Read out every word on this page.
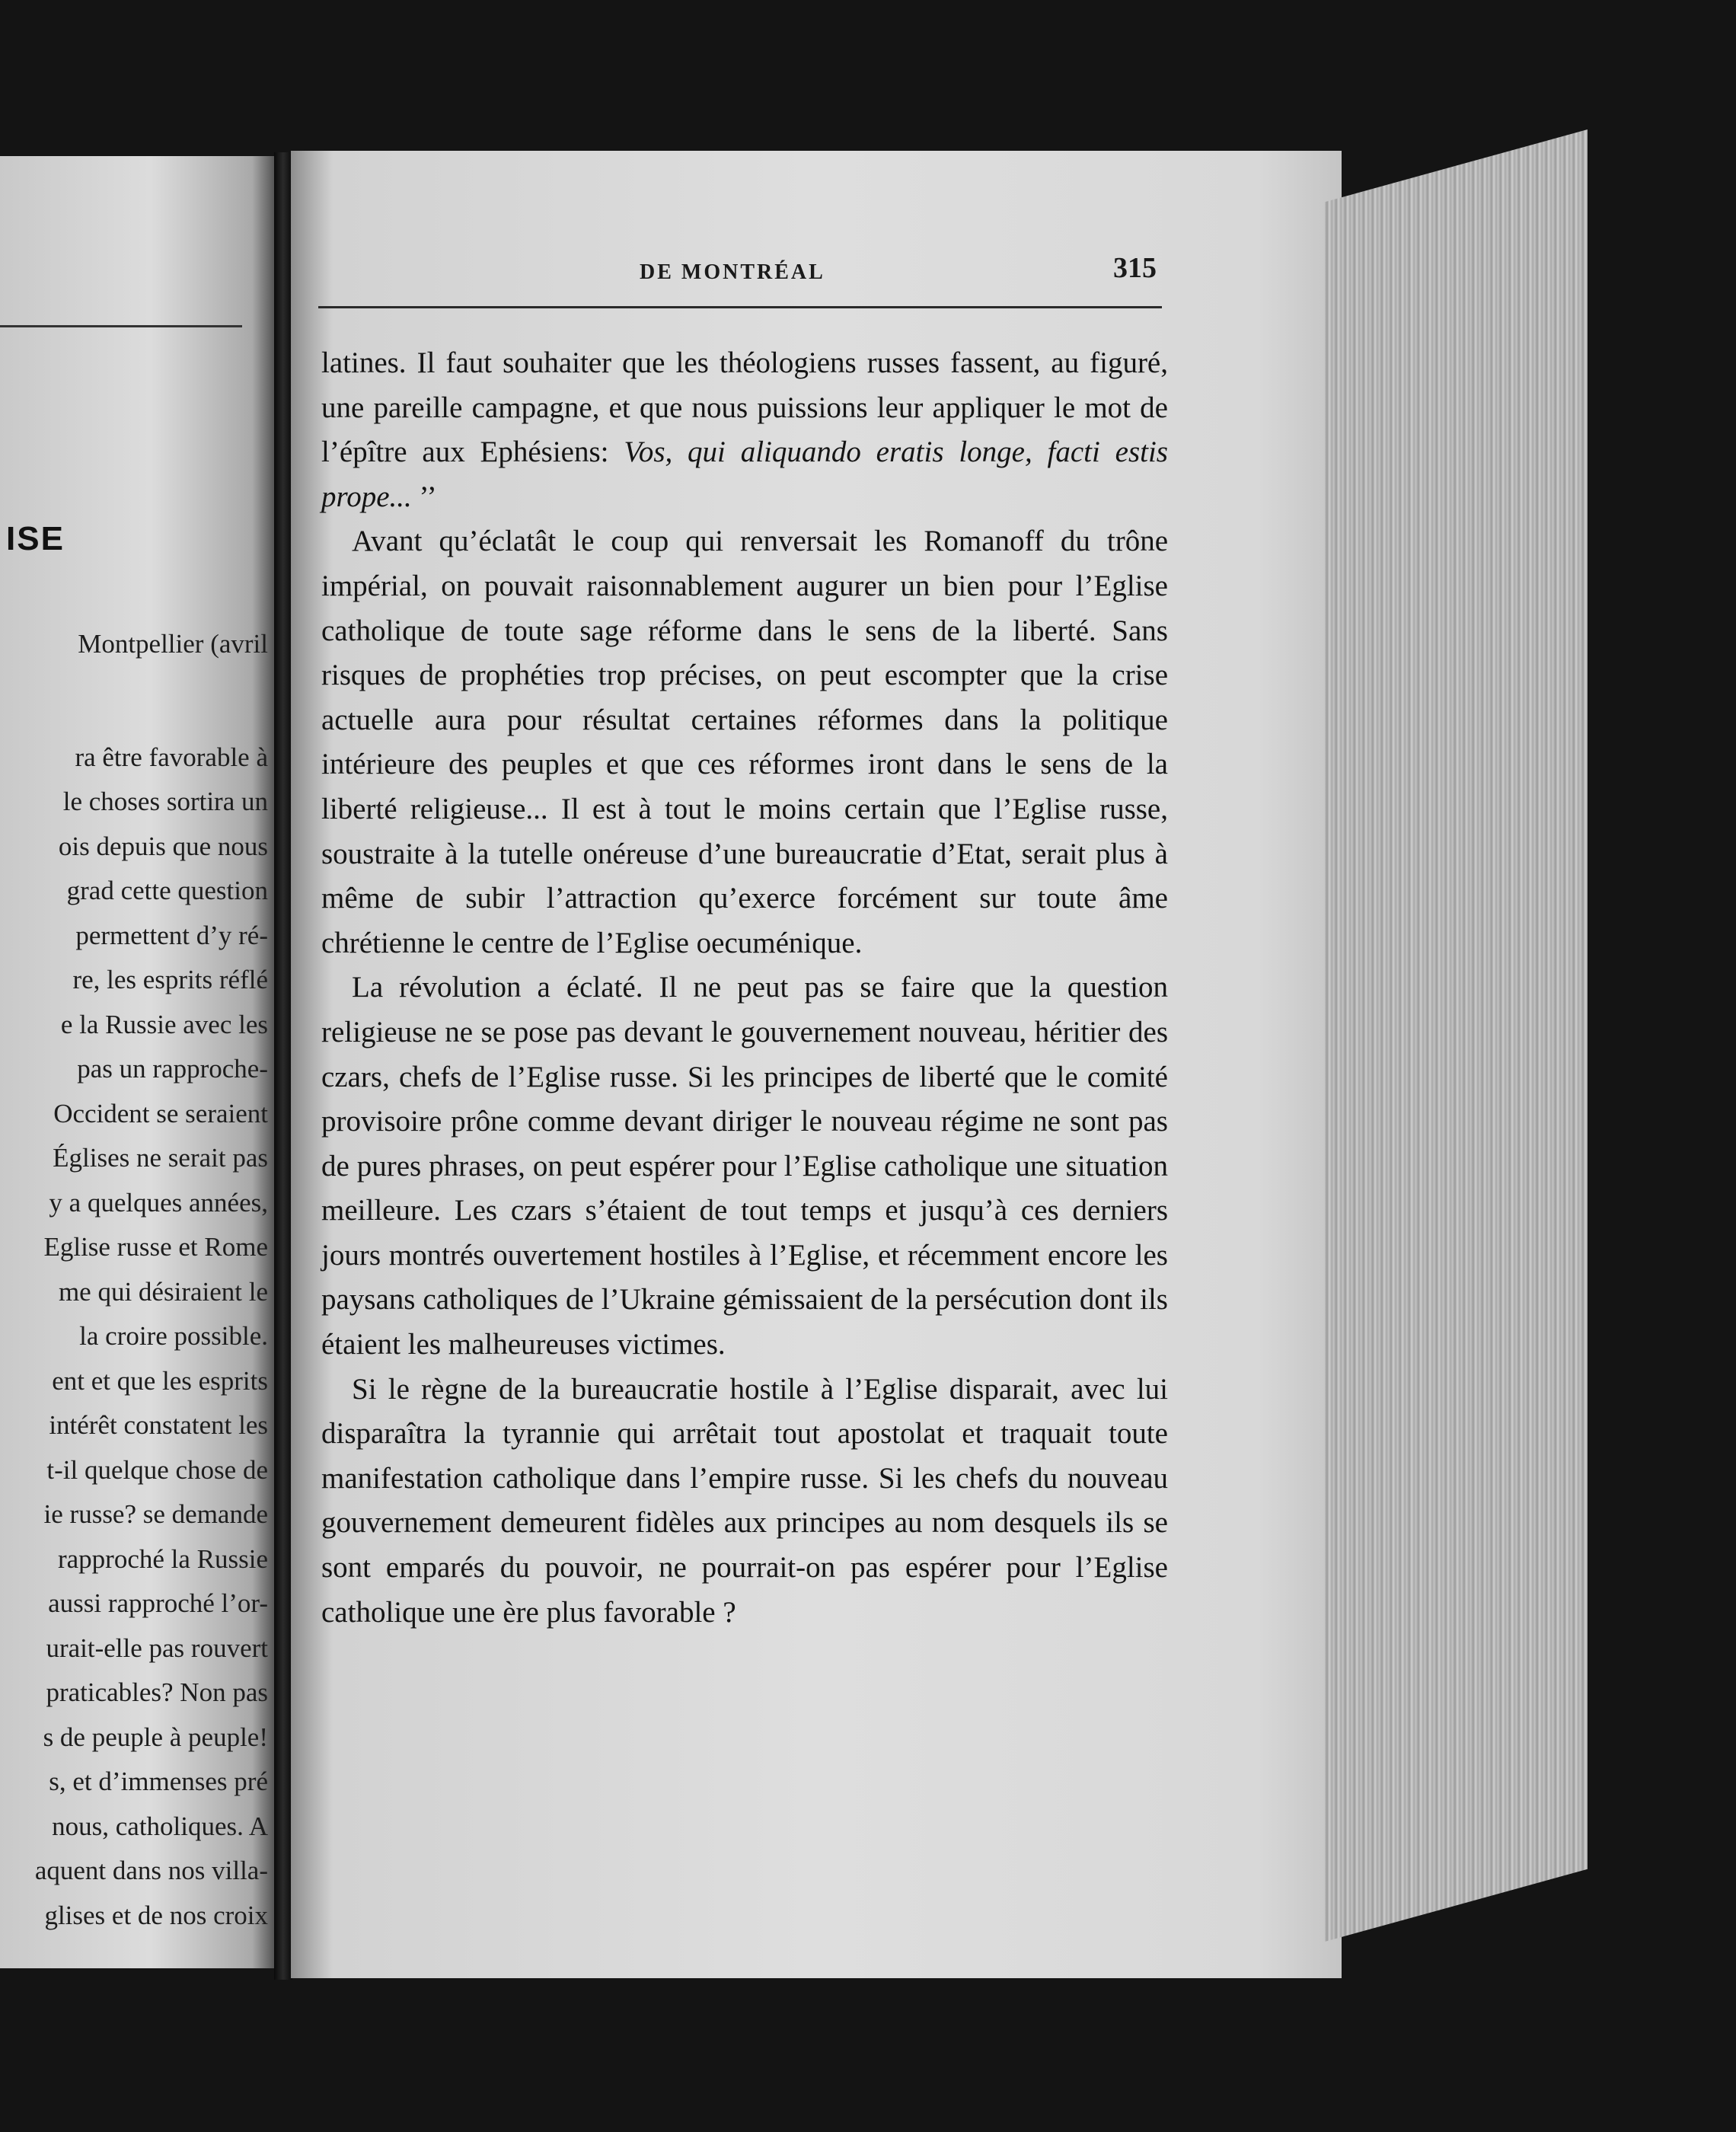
ISE
Montpellier (avril
ra être favorable à
le choses sortira un
ois depuis que nous
grad cette question
permettent d’y ré-
re, les esprits réflé
e la Russie avec les
pas un rapproche-
Occident se seraient
Églises ne serait pas
y a quelques années,
Eglise russe et Rome
me qui désiraient le
la croire possible.
ent et que les esprits
intérêt constatent les
t-il quelque chose de
ie russe? se demande
rapproché la Russie
aussi rapproché l’or-
urait-elle pas rouvert
praticables? Non pas
s de peuple à peuple!
s, et d’immenses pré
nous, catholiques. A
aquent dans nos villa-
glises et de nos croix
DE MONTRÉAL	315

latines. Il faut souhaiter que les théologiens russes fassent, au figuré, une pareille campagne, et que nous puissions leur appliquer le mot de l’épître aux Ephésiens: Vos, qui aliquando eratis longe, facti estis prope... ’’

Avant qu’éclatât le coup qui renversait les Romanoff du trône impérial, on pouvait raisonnablement augurer un bien pour l’Eglise catholique de toute sage réforme dans le sens de la liberté. Sans risques de prophéties trop précises, on peut escompter que la crise actuelle aura pour résultat certaines réformes dans la politique intérieure des peuples et que ces réformes iront dans le sens de la liberté religieuse... Il est à tout le moins certain que l’Eglise russe, soustraite à la tutelle onéreuse d’une bureaucratie d’Etat, serait plus à même de subir l’attraction qu’exerce forcément sur toute âme chrétienne le centre de l’Eglise oecuménique.

La révolution a éclaté. Il ne peut pas se faire que la question religieuse ne se pose pas devant le gouvernement nouveau, héritier des czars, chefs de l’Eglise russe. Si les principes de liberté que le comité provisoire prône comme devant diriger le nouveau régime ne sont pas de pures phrases, on peut espérer pour l’Eglise catholique une situation meilleure. Les czars s’étaient de tout temps et jusqu’à ces derniers jours montrés ouvertement hostiles à l’Eglise, et récemment encore les paysans catholiques de l’Ukraine gémissaient de la persécution dont ils étaient les malheureuses victimes.

Si le règne de la bureaucratie hostile à l’Eglise disparait, avec lui disparaîtra la tyrannie qui arrêtait tout apostolat et traquait toute manifestation catholique dans l’empire russe. Si les chefs du nouveau gouvernement demeurent fidèles aux principes au nom desquels ils se sont emparés du pouvoir, ne pourrait-on pas espérer pour l’Eglise catholique une ère plus favorable ?
